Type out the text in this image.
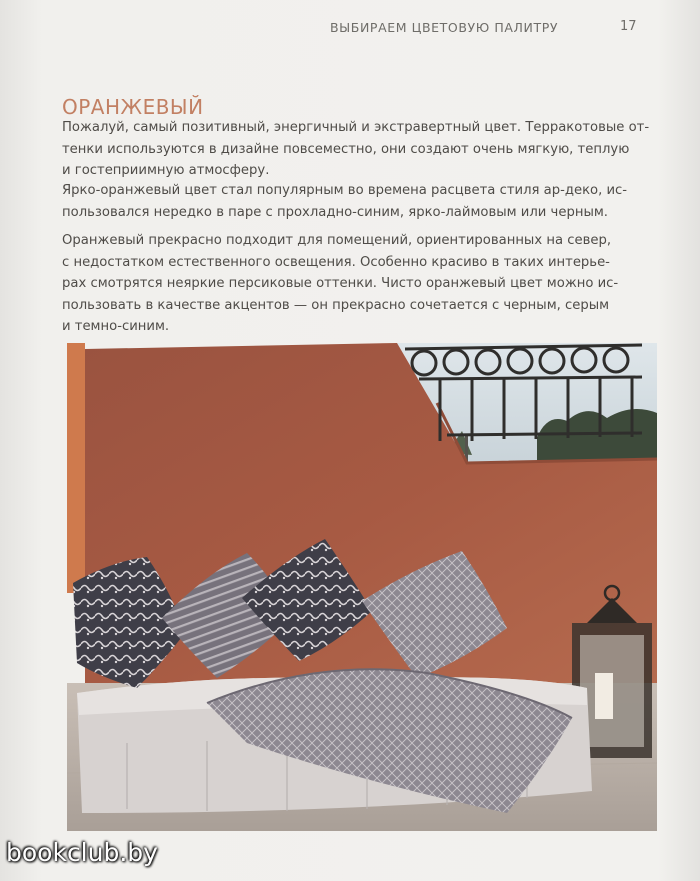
ВЫБИРАЕМ ЦВЕТОВУЮ ПАЛИТРУ	17
ОРАНЖЕВЫЙ

Пожалуй, самый позитивный, энергичный и экстравертный цвет. Терракотовые от-
тенки используются в дизайне повсеместно, они создают очень мягкую, теплую
и гостеприимную атмосферу.

Ярко-оранжевый цвет стал популярным во времена расцвета стиля ар-деко, ис-
пользовался нередко в паре с прохладно-синим, ярко-лаймовым или черным.

Оранжевый прекрасно подходит для помещений, ориентированных на север,
с недостатком естественного освещения. Особенно красиво в таких интерье-
рах смотрятся неяркие персиковые оттенки. Чисто оранжевый цвет можно ис-
пользовать в качестве акцентов — он прекрасно сочетается с черным, серым
и темно-синим.

bookclub.by
